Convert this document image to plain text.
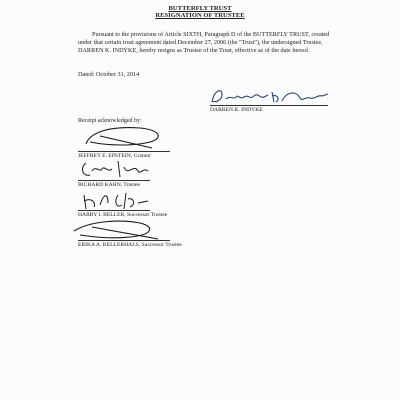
BUTTERFLY TRUST
RESIGNATION OF TRUSTEE
Pursuant to the provisions of Article SIXTH, Paragraph D of the BUTTERFLY TRUST, created under that certain trust agreement dated December 27, 2006 (the "Trust"), the undersigned Trustee, DARREN K. INDYKE, hereby resigns as Trustee of the Trust, effective as of the date hereof.
Dated: October 31, 2014
DARREN K. INDYKE
Receipt acknowledged by:
JEFFREY E. EPSTEIN, Grantor
RICHARD KAHN, Trustee
HARRY I. BELLER, Successor Trustee
ERIKA A. KELLERHALS, Successor Trustee
